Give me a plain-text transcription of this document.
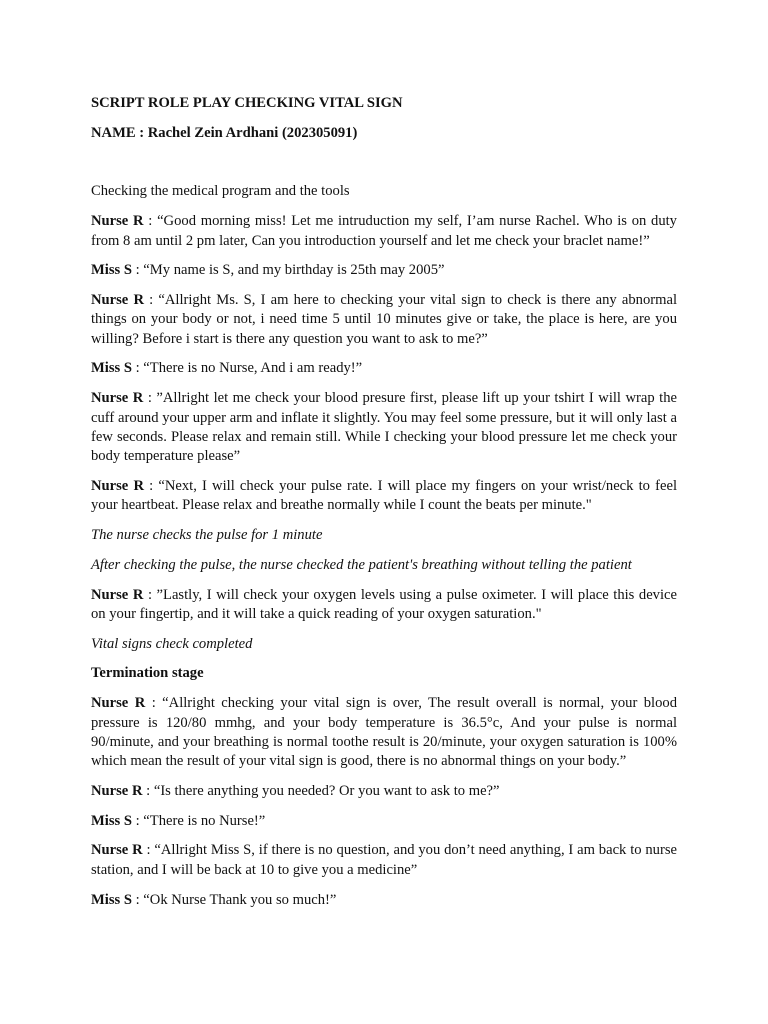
SCRIPT ROLE PLAY CHECKING VITAL SIGN

NAME : Rachel Zein Ardhani (202305091)

Checking the medical program and the tools

Nurse R : “Good morning miss! Let me intruduction my self, I’am nurse Rachel. Who is on duty from 8 am until 2 pm later, Can you introduction yourself and let me check your braclet name!”

Miss S : “My name is S, and my birthday is 25th may 2005”

Nurse R : “Allright Ms. S, I am here to checking your vital sign to check is there any abnormal things on your body or not, i need time 5 until 10 minutes give or take, the place is here, are you willing? Before i start is there any question you want to ask to me?”

Miss S : “There is no Nurse, And i am ready!”

Nurse R : ”Allright let me check your blood presure first, please lift up your tshirt I will wrap the cuff around your upper arm and inflate it slightly. You may feel some pressure, but it will only last a few seconds. Please relax and remain still. While I checking your blood pressure let me check your body temperature please”

Nurse R : “Next, I will check your pulse rate. I will place my fingers on your wrist/neck to feel your heartbeat. Please relax and breathe normally while I count the beats per minute."

The nurse checks the pulse for 1 minute

After checking the pulse, the nurse checked the patient's breathing without telling the patient

Nurse R : ”Lastly, I will check your oxygen levels using a pulse oximeter. I will place this device on your fingertip, and it will take a quick reading of your oxygen saturation."

Vital signs check completed

Termination stage

Nurse R : “Allright checking your vital sign is over, The result overall is normal, your blood pressure is 120/80 mmhg, and your body temperature is 36.5°c, And your pulse is normal 90/minute, and your breathing is normal toothe result is 20/minute, your oxygen saturation is 100% which mean the result of your vital sign is good, there is no abnormal things on your body.”

Nurse R : “Is there anything you needed? Or you want to ask to me?”

Miss S : “There is no Nurse!”

Nurse R : “Allright Miss S, if there is no question, and you don’t need anything, I am back to nurse station, and I will be back at 10 to give you a medicine”

Miss S : “Ok Nurse Thank you so much!”
